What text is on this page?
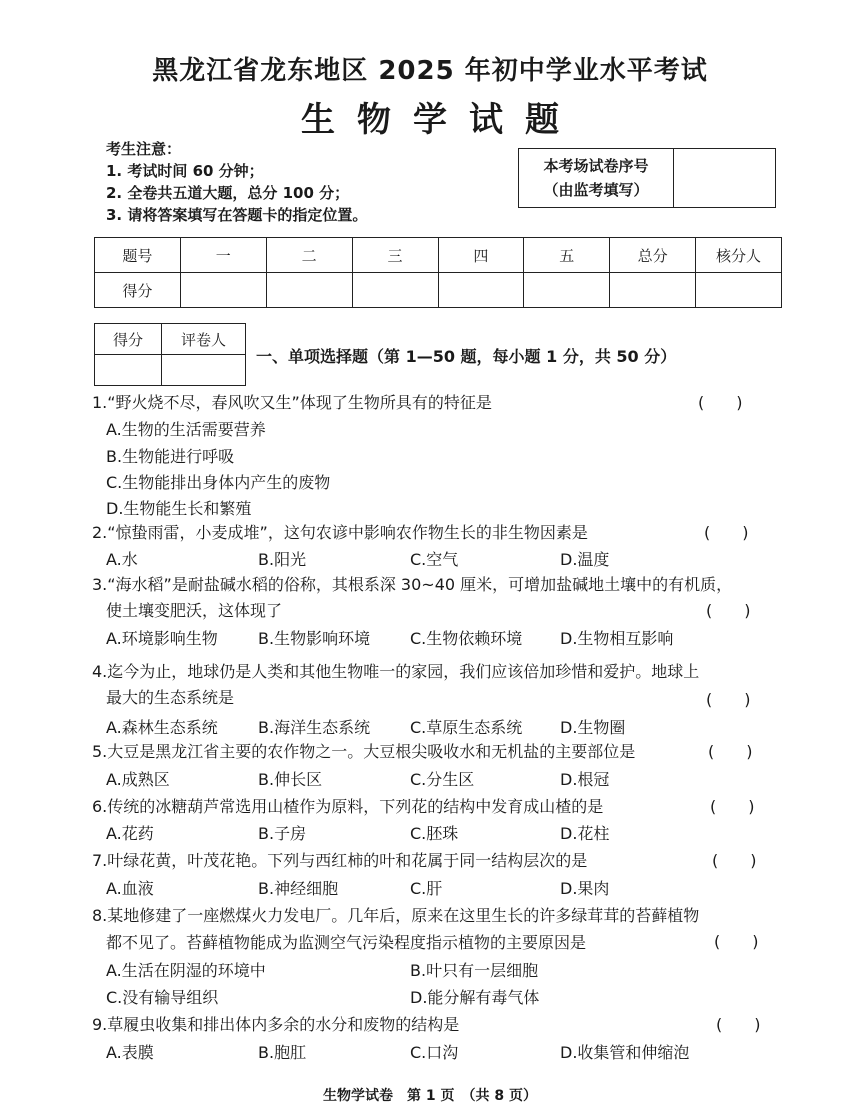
黑龙江省龙东地区 2025 年初中学业水平考试
生物学试题
考生注意：
1. 考试时间 60 分钟；
2. 全卷共五道大题，总分 100 分；
3. 请将答案填写在答题卡的指定位置。
本考场试卷序号
（由监考填写）

题号	一	二	三	四	五	总分	核分人
得分							
得分	评卷人

一、单项选择题（第 1—50 题，每小题 1 分，共 50 分）
1.“野火烧不尽，春风吹又生”体现了生物所具有的特征是	(　　)
A.生物的生活需要营养
B.生物能进行呼吸
C.生物能排出身体内产生的废物
D.生物能生长和繁殖
2.“惊蛰雨雷，小麦成堆”，这句农谚中影响农作物生长的非生物因素是	(　　)
A.水	B.阳光	C.空气	D.温度
3.“海水稻”是耐盐碱水稻的俗称，其根系深 30~40 厘米，可增加盐碱地土壤中的有机质，
使土壤变肥沃，这体现了	(　　)
A.环境影响生物	B.生物影响环境 C.生物依赖环境 D.生物相互影响
4.迄今为止，地球仍是人类和其他生物唯一的家园，我们应该倍加珍惜和爱护。地球上
最大的生态系统是	(　　)
A.森林生态系统	B.海洋生态系统 C.草原生态系统 D.生物圈
5.大豆是黑龙江省主要的农作物之一。大豆根尖吸收水和无机盐的主要部位是	(　　)
A.成熟区	B.伸长区	C.分生区	D.根冠
6.传统的冰糖葫芦常选用山楂作为原料，下列花的结构中发育成山楂的是	(　　)
A.花药	B.子房	C.胚珠	D.花柱
7.叶绿花黄，叶茂花艳。下列与西红柿的叶和花属于同一结构层次的是	(　　)
A.血液	B.神经细胞	C.肝	D.果肉
8.某地修建了一座燃煤火力发电厂。几年后，原来在这里生长的许多绿茸茸的苔藓植物
都不见了。苔藓植物能成为监测空气污染程度指示植物的主要原因是	(　　)
A.生活在阴湿的环境中	B.叶只有一层细胞
C.没有输导组织	D.能分解有毒气体
9.草履虫收集和排出体内多余的水分和废物的结构是	(　　)
A.表膜	B.胞肛	C.口沟	D.收集管和伸缩泡
生物学试卷　第 1 页　（共 8 页）
